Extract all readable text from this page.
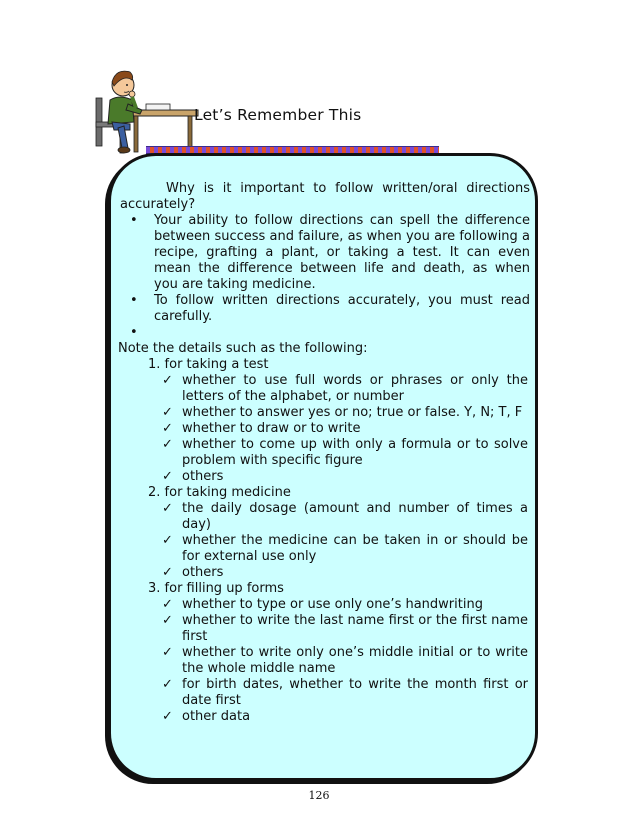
Let’s Remember This

Why is it important to follow written/oral directions accurately?

• Your ability to follow directions can spell the difference between success and failure, as when you are following a recipe, grafting a plant, or taking a test. It can even mean the difference between life and death, as when you are taking medicine.
• To follow written directions accurately, you must read carefully.
•

Note the details such as the following:

1. for taking a test
✓ whether to use full words or phrases or only the letters of the alphabet, or number
✓ whether to answer yes or no; true or false. Y, N; T, F
✓ whether to draw or to write
✓ whether to come up with only a formula or to solve problem with specific figure
✓ others
2. for taking medicine
✓ the daily dosage (amount and number of times a day)
✓ whether the medicine can be taken in or should be for external use only
✓ others
3. for filling up forms
✓ whether to type or use only one’s handwriting
✓ whether to write the last name first or the first name first
✓ whether to write only one’s middle initial or to write the whole middle name
✓ for birth dates, whether to write the month first or date first
✓ other data
126
